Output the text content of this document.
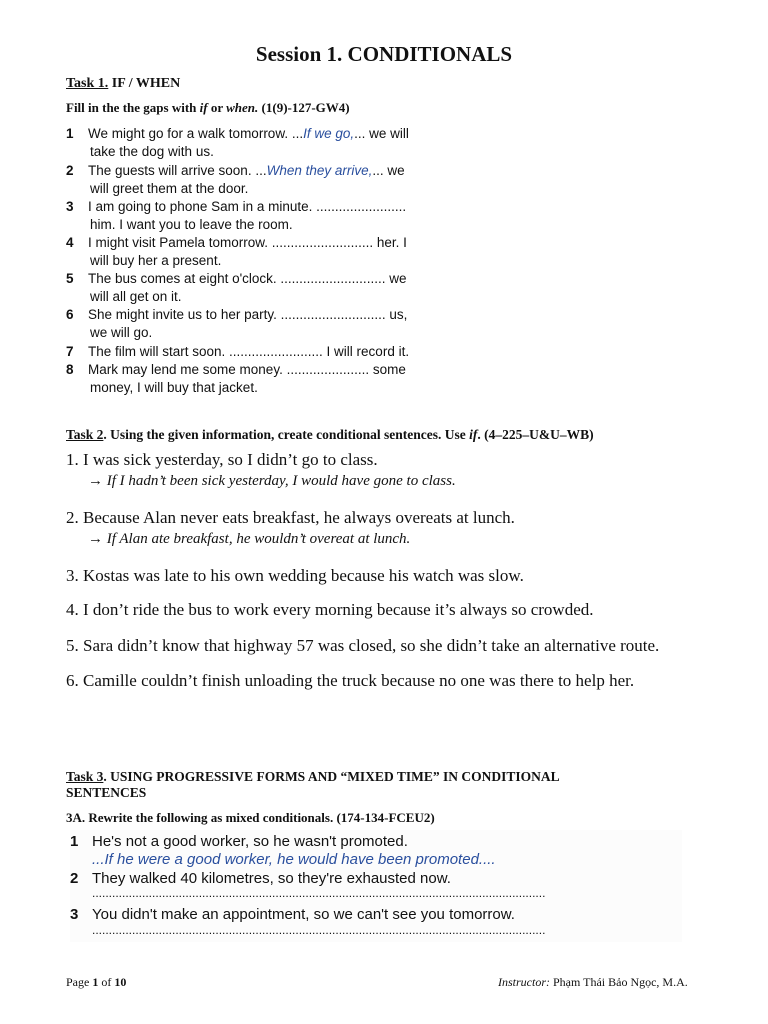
Session 1. CONDITIONALS
Task 1. IF / WHEN
Fill in the the gaps with if or when. (1(9)-127-GW4)
1	We might go for a walk tomorrow. ...If we go,... we will
take the dog with us.
2	The guests will arrive soon. ...When they arrive,... we
will greet them at the door.
3	I am going to phone Sam in a minute. ........................
him. I want you to leave the room.
4	I might visit Pamela tomorrow. ........................... her. I
will buy her a present.
5	The bus comes at eight o'clock. ............................ we
will all get on it.
6	She might invite us to her party. ............................ us,
we will go.
7	The film will start soon. ......................... I will record it.
8	Mark may lend me some money. ...................... some
money, I will buy that jacket.
Task 2. Using the given information, create conditional sentences. Use if. (4–225–U&U–WB)
1. I was sick yesterday, so I didn’t go to class.
→ If I hadn’t been sick yesterday, I would have gone to class.
2. Because Alan never eats breakfast, he always overeats at lunch.
→ If Alan ate breakfast, he wouldn’t overeat at lunch.
3. Kostas was late to his own wedding because his watch was slow.
4. I don’t ride the bus to work every morning because it’s always so crowded.
5. Sara didn’t know that highway 57 was closed, so she didn’t take an alternative route.
6. Camille couldn’t finish unloading the truck because no one was there to help her.
Task 3. USING PROGRESSIVE FORMS AND “MIXED TIME” IN CONDITIONAL
SENTENCES
3A. Rewrite the following as mixed conditionals. (174-134-FCEU2)
1 He's not a good worker, so he wasn't promoted.
...If he were a good worker, he would have been promoted....
2 They walked 40 kilometres, so they're exhausted now.
........................................................................................................................................
3 You didn't make an appointment, so we can't see you tomorrow.
........................................................................................................................................
Page 1 of 10	Instructor: Phạm Thái Bảo Ngọc, M.A.
